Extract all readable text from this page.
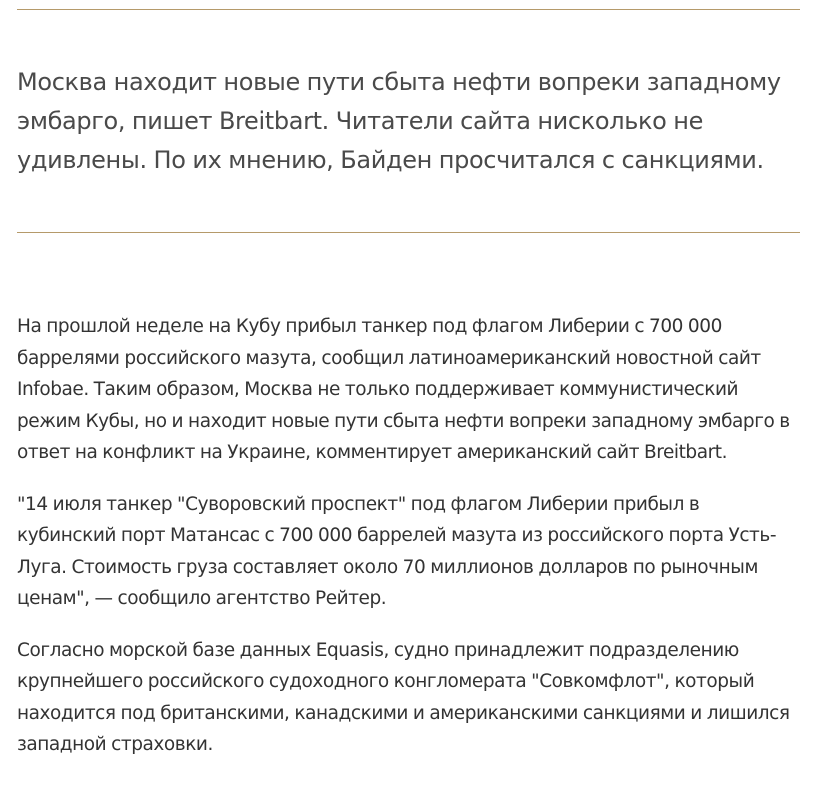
Москва находит новые пути сбыта нефти вопреки западному эмбарго, пишет Breitbart. Читатели сайта нисколько не удивлены. По их мнению, Байден просчитался с санкциями.

На прошлой неделе на Кубу прибыл танкер под флагом Либерии с 700 000 баррелями российского мазута, сообщил латиноамериканский новостной сайт Infobae. Таким образом, Москва не только поддерживает коммунистический режим Кубы, но и находит новые пути сбыта нефти вопреки западному эмбарго в ответ на конфликт на Украине, комментирует американский сайт Breitbart.

"14 июля танкер "Суворовский проспект" под флагом Либерии прибыл в кубинский порт Матансас с 700 000 баррелей мазута из российского порта Усть-Луга. Стоимость груза составляет около 70 миллионов долларов по рыночным ценам", — сообщило агентство Рейтер.

Согласно морской базе данных Equasis, судно принадлежит подразделению крупнейшего российского судоходного конгломерата "Совкомфлот", который находится под британскими, канадскими и американскими санкциями и лишился западной страховки.
